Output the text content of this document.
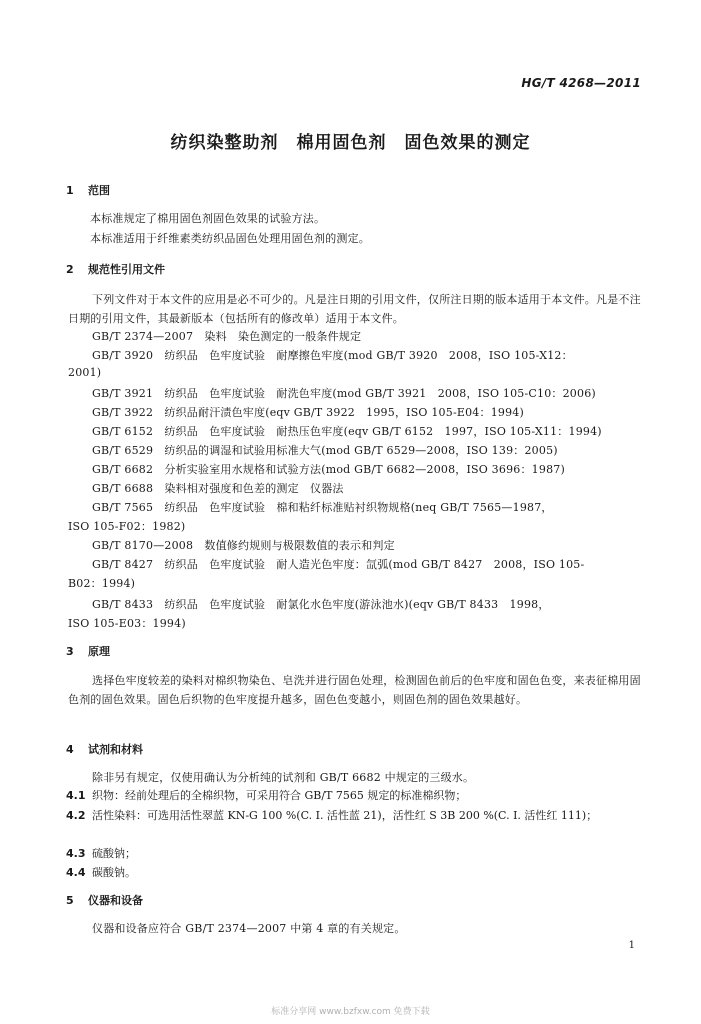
HG/T 4268—2011
纺织染整助剂　棉用固色剂　固色效果的测定
1 范围
本标准规定了棉用固色剂固色效果的试验方法。
本标准适用于纤维素类纺织品固色处理用固色剂的测定。
2 规范性引用文件
下列文件对于本文件的应用是必不可少的。凡是注日期的引用文件，仅所注日期的版本适用于本文件。凡是不注日期的引用文件，其最新版本（包括所有的修改单）适用于本文件。
GB/T 2374—2007　染料　染色测定的一般条件规定
GB/T 3920　纺织品　色牢度试验　耐摩擦色牢度(mod GB/T 3920　2008，ISO 105-X12：
2001)
GB/T 3921　纺织品　色牢度试验　耐洗色牢度(mod GB/T 3921　2008，ISO 105-C10：2006)
GB/T 3922　纺织品耐汗渍色牢度(eqv GB/T 3922　1995，ISO 105-E04：1994)
GB/T 6152　纺织品　色牢度试验　耐热压色牢度(eqv GB/T 6152　1997，ISO 105-X11：1994)
GB/T 6529　纺织品的调湿和试验用标准大气(mod GB/T 6529—2008，ISO 139：2005)
GB/T 6682　分析实验室用水规格和试验方法(mod GB/T 6682—2008，ISO 3696：1987)
GB/T 6688　染料相对强度和色差的测定　仪器法
GB/T 7565　纺织品　色牢度试验　棉和粘纤标准贴衬织物规格(neq GB/T 7565—1987，
ISO 105-F02：1982)
GB/T 8170—2008　数值修约规则与极限数值的表示和判定
GB/T 8427　纺织品　色牢度试验　耐人造光色牢度：氙弧(mod GB/T 8427　2008，ISO 105-
B02：1994)
GB/T 8433　纺织品　色牢度试验　耐氯化水色牢度(游泳池水)(eqv GB/T 8433　1998，
ISO 105-E03：1994)
3 原理
选择色牢度较差的染料对棉织物染色、皂洗并进行固色处理，检测固色前后的色牢度和固色色变，来表征棉用固色剂的固色效果。固色后织物的色牢度提升越多，固色色变越小，则固色剂的固色效果越好。
4 试剂和材料
除非另有规定，仅使用确认为分析纯的试剂和 GB/T 6682 中规定的三级水。
4.1 织物：经前处理后的全棉织物，可采用符合 GB/T 7565 规定的标准棉织物；
4.2 活性染料：可选用活性翠蓝 KN-G 100 %(C. I. 活性蓝 21)，活性红 S 3B 200 %(C. I. 活性红 111)；
4.3 硫酸钠；
4.4 碳酸钠。
5 仪器和设备
仪器和设备应符合 GB/T 2374—2007 中第 4 章的有关规定。
1
标准分享网 www.bzfxw.com 免费下载
